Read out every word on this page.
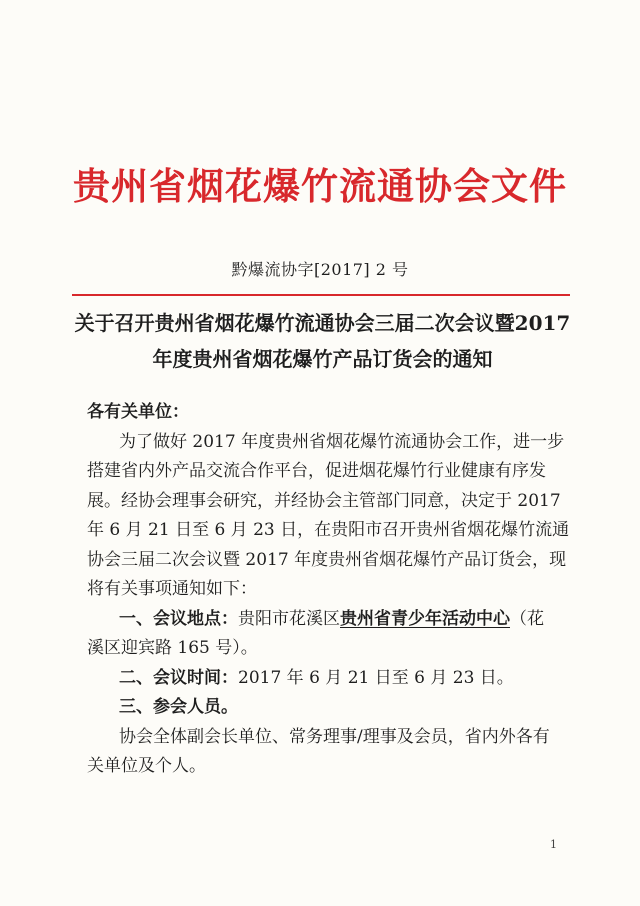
贵州省烟花爆竹流通协会文件
黔爆流协字[2017] 2 号
关于召开贵州省烟花爆竹流通协会三届二次会议暨2017
年度贵州省烟花爆竹产品订货会的通知
各有关单位：
为了做好 2017 年度贵州省烟花爆竹流通协会工作，进一步
搭建省内外产品交流合作平台，促进烟花爆竹行业健康有序发
展。经协会理事会研究，并经协会主管部门同意，决定于 2017
年 6 月 21 日至 6 月 23 日，在贵阳市召开贵州省烟花爆竹流通
协会三届二次会议暨 2017 年度贵州省烟花爆竹产品订货会，现
将有关事项通知如下：
一、会议地点：贵阳市花溪区贵州省青少年活动中心（花
溪区迎宾路 165 号）。
二、会议时间：2017 年 6 月 21 日至 6 月 23 日。
三、参会人员。
协会全体副会长单位、常务理事/理事及会员，省内外各有
关单位及个人。
1
